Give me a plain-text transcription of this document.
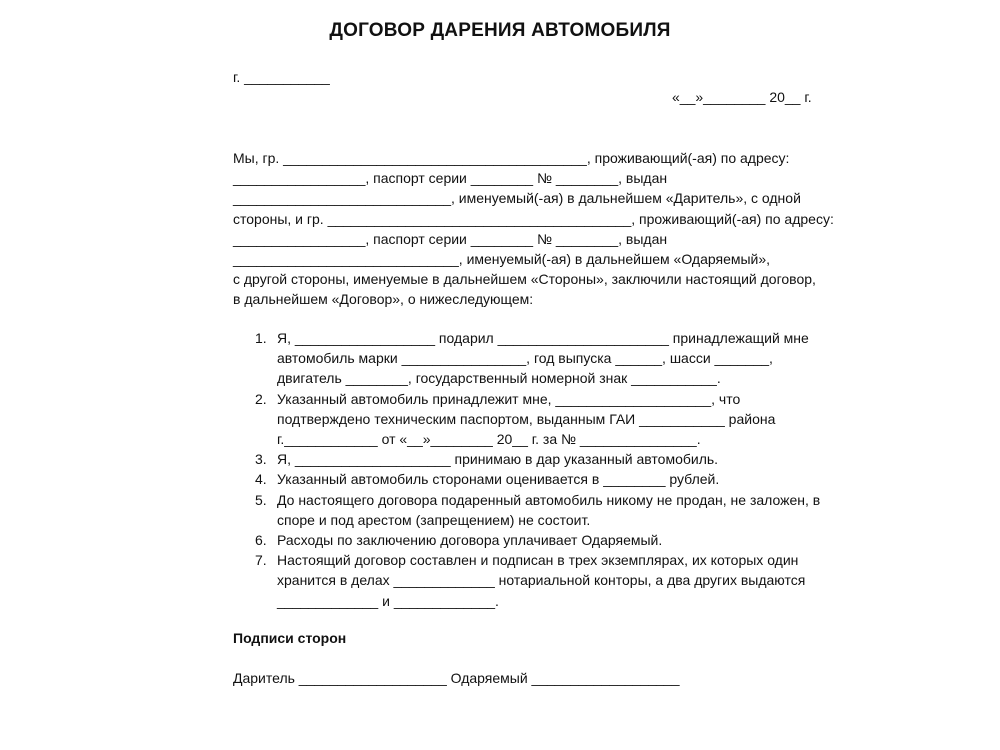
ДОГОВОР ДАРЕНИЯ АВТОМОБИЛЯ
г. ___________
«__»________ 20__ г.
Мы, гр. _______________________________________, проживающий(-ая) по адресу:
_________________, паспорт серии ________ № ________, выдан
____________________________, именуемый(-ая) в дальнейшем «Даритель», с одной
стороны, и гр. _______________________________________, проживающий(-ая) по адресу:
_________________, паспорт серии ________ № ________, выдан
_____________________________, именуемый(-ая) в дальнейшем «Одаряемый»,
с другой стороны, именуемые в дальнейшем «Стороны», заключили настоящий договор,
в дальнейшем «Договор», о нижеследующем:
1. Я, __________________ подарил ______________________ принадлежащий мне
автомобиль марки ________________, год выпуска ______, шасси _______,
двигатель ________, государственный номерной знак ___________.
2. Указанный автомобиль принадлежит мне, ____________________, что
подтверждено техническим паспортом, выданным ГАИ ___________ района
г.____________ от «__»________ 20__ г. за № _______________.
3. Я, ____________________ принимаю в дар указанный автомобиль.
4. Указанный автомобиль сторонами оценивается в ________ рублей.
5. До настоящего договора подаренный автомобиль никому не продан, не заложен, в
споре и под арестом (запрещением) не состоит.
6. Расходы по заключению договора уплачивает Одаряемый.
7. Настоящий договор составлен и подписан в трех экземплярах, их которых один
хранится в делах _____________ нотариальной конторы, а два других выдаются
_____________ и _____________.
Подписи сторон
Даритель ___________________ Одаряемый ___________________
